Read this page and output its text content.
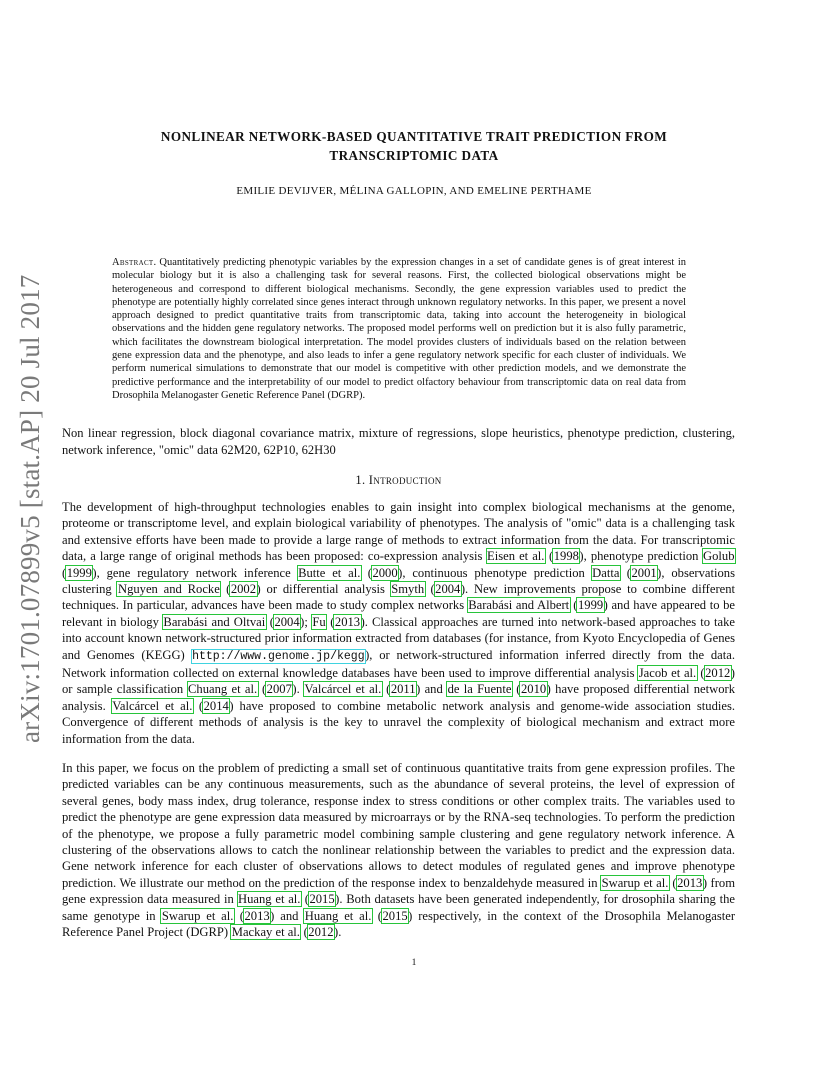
arXiv:1701.07899v5 [stat.AP] 20 Jul 2017
NONLINEAR NETWORK-BASED QUANTITATIVE TRAIT PREDICTION FROM
TRANSCRIPTOMIC DATA
EMILIE DEVIJVER, MÉLINA GALLOPIN, AND EMELINE PERTHAME
Abstract. Quantitatively predicting phenotypic variables by the expression changes in a set of candidate genes is of great interest in molecular biology but it is also a challenging task for several reasons. First, the collected biological observations might be heterogeneous and correspond to different biological mechanisms. Secondly, the gene expression variables used to predict the phenotype are potentially highly correlated since genes interact through unknown regulatory networks. In this paper, we present a novel approach designed to predict quantitative traits from transcriptomic data, taking into account the heterogeneity in biological observations and the hidden gene regulatory networks. The proposed model performs well on prediction but it is also fully parametric, which facilitates the downstream biological interpretation. The model provides clusters of individuals based on the relation between gene expression data and the phenotype, and also leads to infer a gene regulatory network specific for each cluster of individuals. We perform numerical simulations to demonstrate that our model is competitive with other prediction models, and we demonstrate the predictive performance and the interpretability of our model to predict olfactory behaviour from transcriptomic data on real data from Drosophila Melanogaster Genetic Reference Panel (DGRP).
Non linear regression, block diagonal covariance matrix, mixture of regressions, slope heuristics, phenotype prediction, clustering, network inference, "omic" data 62M20, 62P10, 62H30
1. Introduction
The development of high-throughput technologies enables to gain insight into complex biological mechanisms at the genome, proteome or transcriptome level, and explain biological variability of phenotypes. The analysis of "omic" data is a challenging task and extensive efforts have been made to provide a large range of methods to extract information from the data. For transcriptomic data, a large range of original methods has been proposed: co-expression analysis Eisen et al. (1998), phenotype prediction Golub (1999), gene regulatory network inference Butte et al. (2000), continuous phenotype prediction Datta (2001), observations clustering Nguyen and Rocke (2002) or differential analysis Smyth (2004). New improvements propose to combine different techniques. In particular, advances have been made to study complex networks Barabási and Albert (1999) and have appeared to be relevant in biology Barabási and Oltvai (2004); Fu (2013). Classical approaches are turned into network-based approaches to take into account known network-structured prior information extracted from databases (for instance, from Kyoto Encyclopedia of Genes and Genomes (KEGG) http://www.genome.jp/kegg), or network-structured information inferred directly from the data. Network information collected on external knowledge databases have been used to improve differential analysis Jacob et al. (2012) or sample classification Chuang et al. (2007). Valcárcel et al. (2011) and de la Fuente (2010) have proposed differential network analysis. Valcárcel et al. (2014) have proposed to combine metabolic network analysis and genome-wide association studies. Convergence of different methods of analysis is the key to unravel the complexity of biological mechanism and extract more information from the data.
In this paper, we focus on the problem of predicting a small set of continuous quantitative traits from gene expression profiles. The predicted variables can be any continuous measurements, such as the abundance of several proteins, the level of expression of several genes, body mass index, drug tolerance, response index to stress conditions or other complex traits. The variables used to predict the phenotype are gene expression data measured by microarrays or by the RNA-seq technologies. To perform the prediction of the phenotype, we propose a fully parametric model combining sample clustering and gene regulatory network inference. A clustering of the observations allows to catch the nonlinear relationship between the variables to predict and the expression data. Gene network inference for each cluster of observations allows to detect modules of regulated genes and improve phenotype prediction. We illustrate our method on the prediction of the response index to benzaldehyde measured in Swarup et al. (2013) from gene expression data measured in Huang et al. (2015). Both datasets have been generated independently, for drosophila sharing the same genotype in Swarup et al. (2013) and Huang et al. (2015) respectively, in the context of the Drosophila Melanogaster Reference Panel Project (DGRP) Mackay et al. (2012).
1
